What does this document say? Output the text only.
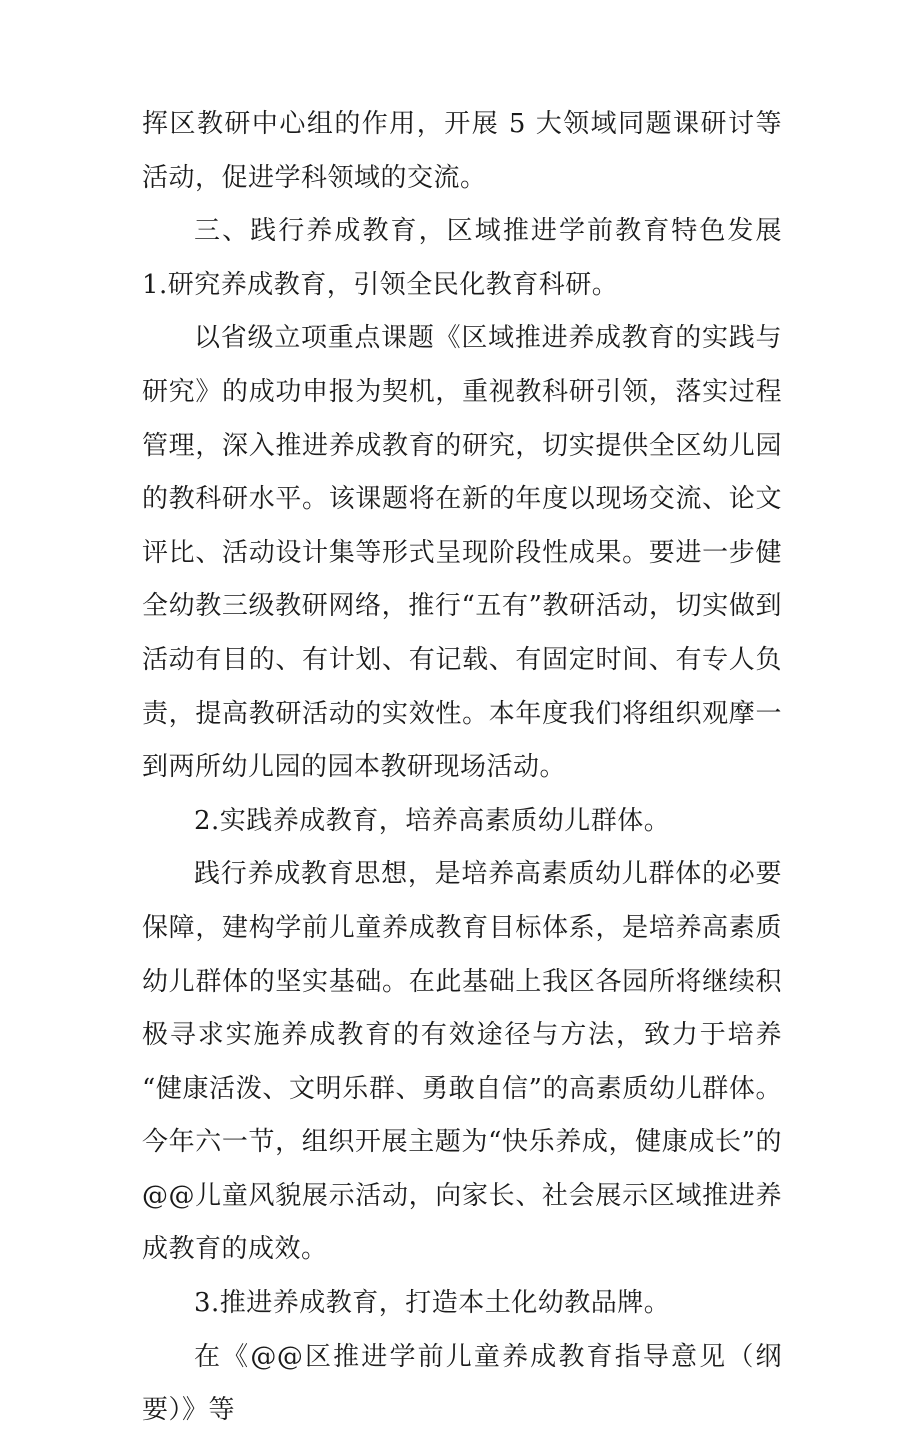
挥区教研中心组的作用，开展 5 大领域同题课研讨等活动，促进学科领域的交流。

三、践行养成教育，区域推进学前教育特色发展 1.研究养成教育，引领全民化教育科研。

以省级立项重点课题《区域推进养成教育的实践与研究》的成功申报为契机，重视教科研引领，落实过程管理，深入推进养成教育的研究，切实提供全区幼儿园的教科研水平。该课题将在新的年度以现场交流、论文评比、活动设计集等形式呈现阶段性成果。要进一步健全幼教三级教研网络，推行“五有”教研活动，切实做到活动有目的、有计划、有记载、有固定时间、有专人负责，提高教研活动的实效性。本年度我们将组织观摩一到两所幼儿园的园本教研现场活动。

2.实践养成教育，培养高素质幼儿群体。

践行养成教育思想，是培养高素质幼儿群体的必要保障，建构学前儿童养成教育目标体系，是培养高素质幼儿群体的坚实基础。在此基础上我区各园所将继续积极寻求实施养成教育的有效途径与方法，致力于培养 “健康活泼、文明乐群、勇敢自信”的高素质幼儿群体。今年六一节，组织开展主题为“快乐养成，健康成长”的@@儿童风貌展示活动，向家长、社会展示区域推进养成教育的成效。

3.推进养成教育，打造本土化幼教品牌。

在《@@区推进学前儿童养成教育指导意见（纲要）》等
